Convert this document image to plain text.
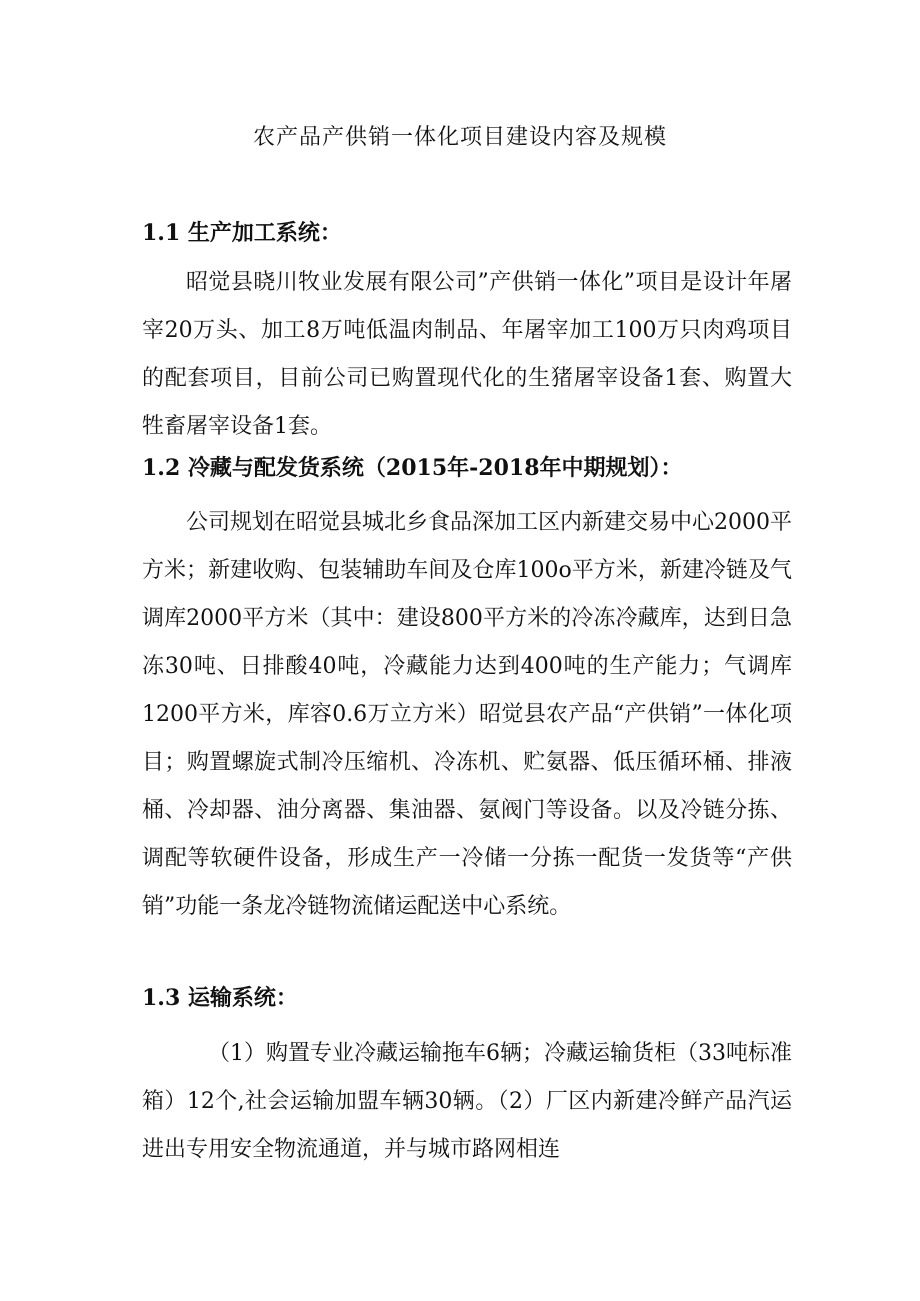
农产品产供销一体化项目建设内容及规模
1.1 生产加工系统：

昭觉县晓川牧业发展有限公司”产供销一体化”项目是设计年屠宰20万头、加工8万吨低温肉制品、年屠宰加工100万只肉鸡项目的配套项目，目前公司已购置现代化的生猪屠宰设备1套、购置大牲畜屠宰设备1套。

1.2 冷藏与配发货系统（2015年-2018年中期规划）：

公司规划在昭觉县城北乡食品深加工区内新建交易中心2000平方米；新建收购、包装辅助车间及仓库100o平方米，新建冷链及气调库2000平方米（其中：建设800平方米的冷冻冷藏库，达到日急冻30吨、日排酸40吨，冷藏能力达到400吨的生产能力；气调库1200平方米，库容0.6万立方米）昭觉县农产品“产供销”一体化项目；购置螺旋式制冷压缩机、冷冻机、贮氨器、低压循环桶、排液桶、冷却器、油分离器、集油器、氨阀门等设备。以及冷链分拣、调配等软硬件设备，形成生产一冷储一分拣一配货一发货等“产供销”功能一条龙冷链物流储运配送中心系统。

1.3 运输系统：

（1）购置专业冷藏运输拖车6辆；冷藏运输货柜（33吨标准箱）12个,社会运输加盟车辆30辆。（2）厂区内新建冷鲜产品汽运进出专用安全物流通道，并与城市路网相连
